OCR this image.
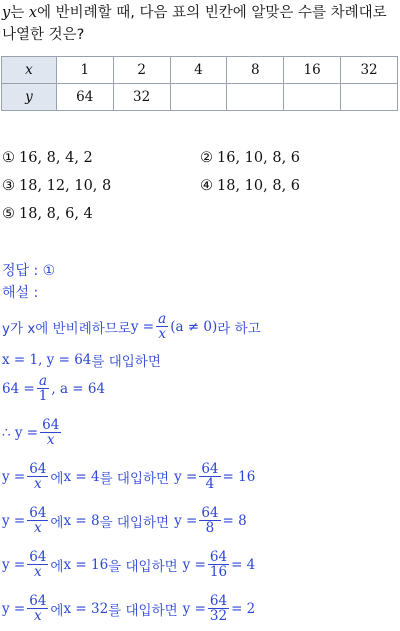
y는 x에 반비례할 때, 다음 표의 빈칸에 알맞은 수를 차례대로 나열한 것은?
x	1	2	4	8	16	32
y	64	32				
① 16, 8, 4, 2	② 16, 10, 8, 6
③ 18, 12, 10, 8	④ 18, 10, 8, 6
⑤ 18, 8, 6, 4
정답 : ①
해설 :
y가 x에 반비례하므로 $y = \frac{a}{x} (a \ne 0)$ 라 하고
x = 1, y = 64 를 대입하면
$64 = \frac{a}{1}$ , a = 64
∴ $y = \frac{64}{x}$
$y = \frac{64}{x}$ 에 x = 4 를 대입하면 $y = \frac{64}{4} = 16$
$y = \frac{64}{x}$ 에 x = 8 을 대입하면 $y = \frac{64}{8} = 8$
$y = \frac{64}{x}$ 에 x = 16 을 대입하면 $y = \frac{64}{16} = 4$
$y = \frac{64}{x}$ 에 x = 32 를 대입하면 $y = \frac{64}{32} = 2$
